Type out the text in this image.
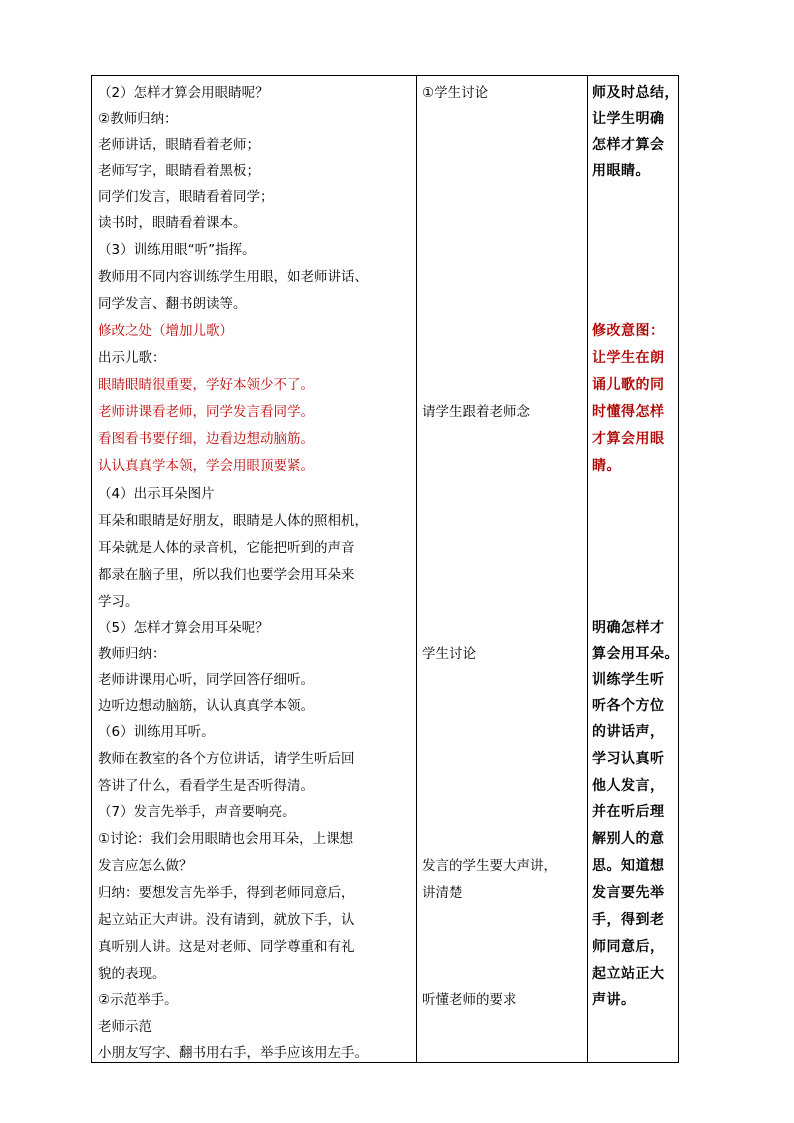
（2）怎样才算会用眼睛呢？
②教师归纳：
老师讲话，眼睛看着老师；
老师写字，眼睛看着黑板；
同学们发言，眼睛看着同学；
读书时，眼睛看着课本。
（3）训练用眼“听”指挥。
教师用不同内容训练学生用眼，如老师讲话、
同学发言、翻书朗读等。
修改之处（增加儿歌）
出示儿歌：
眼睛眼睛很重要，学好本领少不了。
老师讲课看老师，同学发言看同学。
看图看书要仔细，边看边想动脑筋。
认认真真学本领，学会用眼顶要紧。
（4）出示耳朵图片
耳朵和眼睛是好朋友，眼睛是人体的照相机，
耳朵就是人体的录音机，它能把听到的声音
都录在脑子里，所以我们也要学会用耳朵来
学习。
（5）怎样才算会用耳朵呢？
教师归纳：
老师讲课用心听，同学回答仔细听。
边听边想动脑筋，认认真真学本领。
（6）训练用耳听。
教师在教室的各个方位讲话，请学生听后回
答讲了什么，看看学生是否听得清。
（7）发言先举手，声音要响亮。
①讨论：我们会用眼睛也会用耳朵，上课想
发言应怎么做？
归纳：要想发言先举手，得到老师同意后，
起立站正大声讲。没有请到，就放下手，认
真听别人讲。这是对老师、同学尊重和有礼
貌的表现。
②示范举手。
老师示范
小朋友写字、翻书用右手，举手应该用左手。
①学生讨论
请学生跟着老师念
学生讨论
发言的学生要大声讲，
讲清楚
听懂老师的要求
师及时总结，
让学生明确
怎样才算会
用眼睛。
修改意图：
让学生在朗
诵儿歌的同
时懂得怎样
才算会用眼
睛。
明确怎样才
算会用耳朵。
训练学生听
听各个方位
的讲话声，
学习认真听
他人发言，
并在听后理
解别人的意
思。知道想
发言要先举
手，得到老
师同意后，
起立站正大
声讲。
